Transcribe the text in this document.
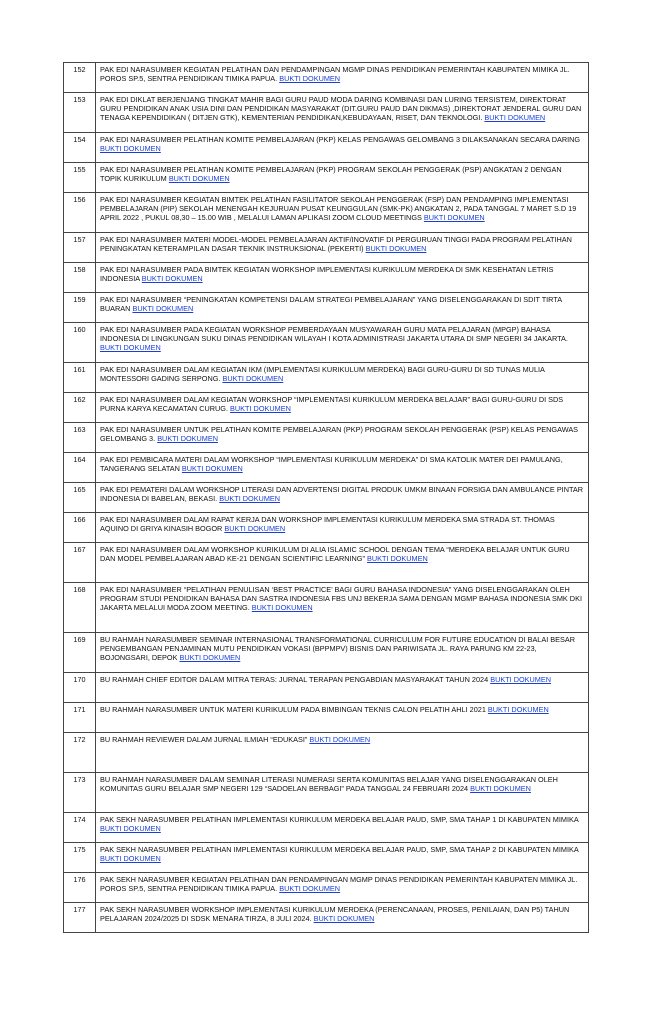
152	PAK EDI NARASUMBER KEGIATAN PELATIHAN DAN PENDAMPINGAN MGMP DINAS PENDIDIKAN PEMERINTAH KABUPATEN MIMIKA JL. POROS SP.5, SENTRA PENDIDIKAN TIMIKA PAPUA. BUKTI DOKUMEN
153	PAK EDI DIKLAT BERJENJANG TINGKAT MAHIR BAGI GURU PAUD MODA DARING KOMBINASI DAN LURING TERSISTEM, DIREKTORAT GURU PENDIDIKAN ANAK USIA DINI DAN PENDIDIKAN MASYARAKAT (DIT.GURU PAUD DAN DIKMAS) ,DIREKTORAT JENDERAL GURU DAN TENAGA KEPENDIDIKAN ( DITJEN GTK), KEMENTERIAN PENDIDIKAN,KEBUDAYAAN, RISET, DAN TEKNOLOGI. BUKTI DOKUMEN
154	PAK EDI NARASUMBER PELATIHAN KOMITE PEMBELAJARAN (PKP) KELAS PENGAWAS GELOMBANG 3 DILAKSANAKAN SECARA DARING BUKTI DOKUMEN
155	PAK EDI NARASUMBER PELATIHAN KOMITE PEMBELAJARAN (PKP) PROGRAM SEKOLAH PENGGERAK (PSP) ANGKATAN 2 DENGAN TOPIK KURIKULUM BUKTI DOKUMEN
156	PAK EDI NARASUMBER KEGIATAN BIMTEK PELATIHAN FASILITATOR SEKOLAH PENGGERAK (FSP) DAN PENDAMPING IMPLEMENTASI PEMBELAJARAN (PIP) SEKOLAH MENENGAH KEJURUAN PUSAT KEUNGGULAN (SMK-PK) ANGKATAN 2, PADA TANGGAL 7 MARET S.D 19 APRIL 2022 , PUKUL 08,30 – 15.00 WIB , MELALUI LAMAN APLIKASI ZOOM CLOUD MEETINGS BUKTI DOKUMEN
157	PAK EDI NARASUMBER MATERI MODEL-MODEL PEMBELAJARAN AKTIF/INOVATIF DI PERGURUAN TINGGI PADA PROGRAM PELATIHAN PENINGKATAN KETERAMPILAN DASAR TEKNIK INSTRUKSIONAL (PEKERTI) BUKTI DOKUMEN
158	PAK EDI NARASUMBER PADA BIMTEK KEGIATAN WORKSHOP IMPLEMENTASI KURIKULUM MERDEKA DI SMK KESEHATAN LETRIS INDONESIA BUKTI DOKUMEN
159	PAK EDI NARASUMBER “PENINGKATAN KOMPETENSI DALAM STRATEGI PEMBELAJARAN” YANG DISELENGGARAKAN DI SDIT TIRTA BUARAN BUKTI DOKUMEN
160	PAK EDI NARASUMBER PADA KEGIATAN WORKSHOP PEMBERDAYAAN MUSYAWARAH GURU MATA PELAJARAN (MPGP) BAHASA INDONESIA DI LINGKUNGAN SUKU DINAS PENDIDIKAN WILAYAH I KOTA ADMINISTRASI JAKARTA UTARA DI SMP NEGERI 34 JAKARTA. BUKTI DOKUMEN
161	PAK EDI NARASUMBER DALAM KEGIATAN IKM (IMPLEMENTASI KURIKULUM MERDEKA) BAGI GURU-GURU DI SD TUNAS MULIA MONTESSORI GADING SERPONG. BUKTI DOKUMEN
162	PAK EDI NARASUMBER DALAM KEGIATAN WORKSHOP “IMPLEMENTASI KURIKULUM MERDEKA BELAJAR” BAGI GURU-GURU DI SDS PURNA KARYA KECAMATAN CURUG. BUKTI DOKUMEN
163	PAK EDI NARASUMBER UNTUK PELATIHAN KOMITE PEMBELAJARAN (PKP) PROGRAM SEKOLAH PENGGERAK (PSP) KELAS PENGAWAS GELOMBANG 3. BUKTI DOKUMEN
164	PAK EDI PEMBICARA MATERI DALAM WORKSHOP “IMPLEMENTASI KURIKULUM MERDEKA” DI SMA KATOLIK MATER DEI PAMULANG, TANGERANG SELATAN BUKTI DOKUMEN
165	PAK EDI PEMATERI DALAM WORKSHOP LITERASI DAN ADVERTENSI DIGITAL PRODUK UMKM BINAAN FORSIGA DAN AMBULANCE PINTAR INDONESIA DI BABELAN, BEKASI. BUKTI DOKUMEN
166	PAK EDI NARASUMBER DALAM RAPAT KERJA DAN WORKSHOP IMPLEMENTASI KURIKULUM MERDEKA SMA STRADA ST. THOMAS AQUINO DI GRIYA KINASIH BOGOR BUKTI DOKUMEN
167	PAK EDI NARASUMBER DALAM WORKSHOP KURIKULUM DI ALIA ISLAMIC SCHOOL DENGAN TEMA “MERDEKA BELAJAR UNTUK GURU DAN MODEL PEMBELAJARAN ABAD KE-21 DENGAN SCIENTIFIC LEARNING” BUKTI DOKUMEN
168	PAK EDI NARASUMBER “PELATIHAN PENULISAN ‘BEST PRACTICE’ BAGI GURU BAHASA INDONESIA” YANG DISELENGGARAKAN OLEH PROGRAM STUDI PENDIDIKAN BAHASA DAN SASTRA INDONESIA FBS UNJ BEKERJA SAMA DENGAN MGMP BAHASA INDONESIA SMK DKI JAKARTA MELALUI MODA ZOOM MEETING. BUKTI DOKUMEN
169	BU RAHMAH NARASUMBER SEMINAR INTERNASIONAL TRANSFORMATIONAL CURRICULUM FOR FUTURE EDUCATION DI BALAI BESAR PENGEMBANGAN PENJAMINAN MUTU PENDIDIKAN VOKASI (BPPMPV) BISNIS DAN PARIWISATA JL. RAYA PARUNG KM 22-23, BOJONGSARI, DEPOK BUKTI DOKUMEN
170	BU RAHMAH CHIEF EDITOR DALAM MITRA TERAS: JURNAL TERAPAN PENGABDIAN MASYARAKAT TAHUN 2024 BUKTI DOKUMEN
171	BU RAHMAH NARASUMBER UNTUK MATERI KURIKULUM PADA BIMBINGAN TEKNIS CALON PELATIH AHLI 2021 BUKTI DOKUMEN
172	BU RAHMAH REVIEWER DALAM JURNAL ILMIAH “EDUKASI” BUKTI DOKUMEN
173	BU RAHMAH NARASUMBER DALAM SEMINAR LITERASI NUMERASI SERTA KOMUNITAS BELAJAR YANG DISELENGGARAKAN OLEH KOMUNITAS GURU BELAJAR SMP NEGERI 129 “SADOELAN BERBAGI” PADA TANGGAL 24 FEBRUARI 2024 BUKTI DOKUMEN
174	PAK SEKH NARASUMBER PELATIHAN IMPLEMENTASI KURIKULUM MERDEKA BELAJAR PAUD, SMP, SMA TAHAP 1 DI KABUPATEN MIMIKA BUKTI DOKUMEN
175	PAK SEKH NARASUMBER PELATIHAN IMPLEMENTASI KURIKULUM MERDEKA BELAJAR PAUD, SMP, SMA TAHAP 2 DI KABUPATEN MIMIKA BUKTI DOKUMEN
176	PAK SEKH NARASUMBER KEGIATAN PELATIHAN DAN PENDAMPINGAN MGMP DINAS PENDIDIKAN PEMERINTAH KABUPATEN MIMIKA JL. POROS SP.5, SENTRA PENDIDIKAN TIMIKA PAPUA. BUKTI DOKUMEN
177	PAK SEKH NARASUMBER WORKSHOP IMPLEMENTASI KURIKULUM MERDEKA (PERENCANAAN, PROSES, PENILAIAN, DAN P5) TAHUN PELAJARAN 2024/2025 DI SDSK MENARA TIRZA, 8 JULI 2024. BUKTI DOKUMEN
